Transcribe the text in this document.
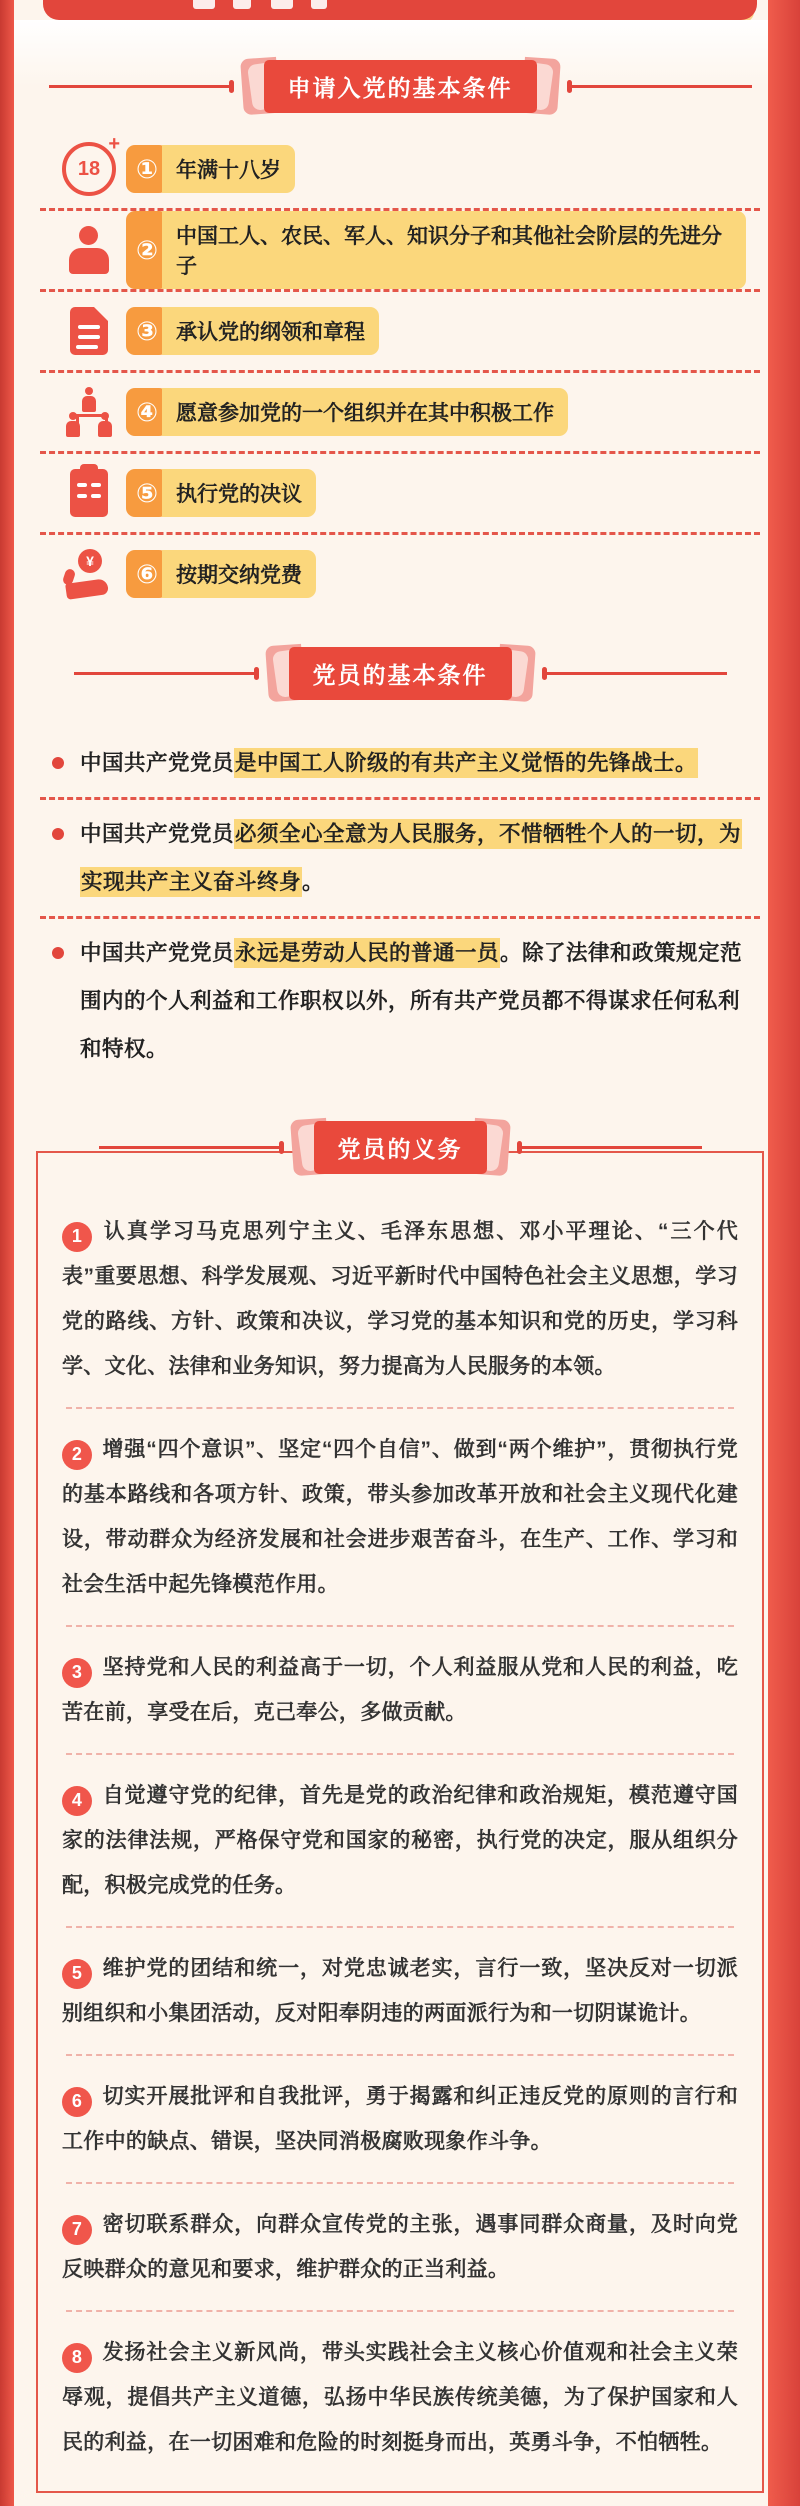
申请入党的基本条件
18
+
① 年满十八岁
② 中国工人、农民、军人、知识分子和其他社会阶层的先进分子
③ 承认党的纲领和章程
④ 愿意参加党的一个组织并在其中积极工作
⑤ 执行党的决议
¥	⑥ 按期交纳党费
党员的基本条件
中国共产党党员是中国工人阶级的有共产主义觉悟的先锋战士。
中国共产党党员必须全心全意为人民服务，不惜牺牲个人的一切，为实现共产主义奋斗终身。
中国共产党党员永远是劳动人民的普通一员。除了法律和政策规定范围内的个人利益和工作职权以外，所有共产党员都不得谋求任何私利和特权。
党员的义务
1 认真学习马克思列宁主义、毛泽东思想、邓小平理论、“三个代表”重要思想、科学发展观、习近平新时代中国特色社会主义思想，学习党的路线、方针、政策和决议，学习党的基本知识和党的历史，学习科学、文化、法律和业务知识，努力提高为人民服务的本领。
2 增强“四个意识”、坚定“四个自信”、做到“两个维护”，贯彻执行党的基本路线和各项方针、政策，带头参加改革开放和社会主义现代化建设，带动群众为经济发展和社会进步艰苦奋斗，在生产、工作、学习和社会生活中起先锋模范作用。
3 坚持党和人民的利益高于一切，个人利益服从党和人民的利益，吃苦在前，享受在后，克己奉公，多做贡献。
4 自觉遵守党的纪律，首先是党的政治纪律和政治规矩，模范遵守国家的法律法规，严格保守党和国家的秘密，执行党的决定，服从组织分配，积极完成党的任务。
5 维护党的团结和统一，对党忠诚老实，言行一致，坚决反对一切派别组织和小集团活动，反对阳奉阴违的两面派行为和一切阴谋诡计。
6 切实开展批评和自我批评，勇于揭露和纠正违反党的原则的言行和工作中的缺点、错误，坚决同消极腐败现象作斗争。
7 密切联系群众，向群众宣传党的主张，遇事同群众商量，及时向党反映群众的意见和要求，维护群众的正当利益。
8 发扬社会主义新风尚，带头实践社会主义核心价值观和社会主义荣辱观，提倡共产主义道德，弘扬中华民族传统美德，为了保护国家和人民的利益，在一切困难和危险的时刻挺身而出，英勇斗争，不怕牺牲。
